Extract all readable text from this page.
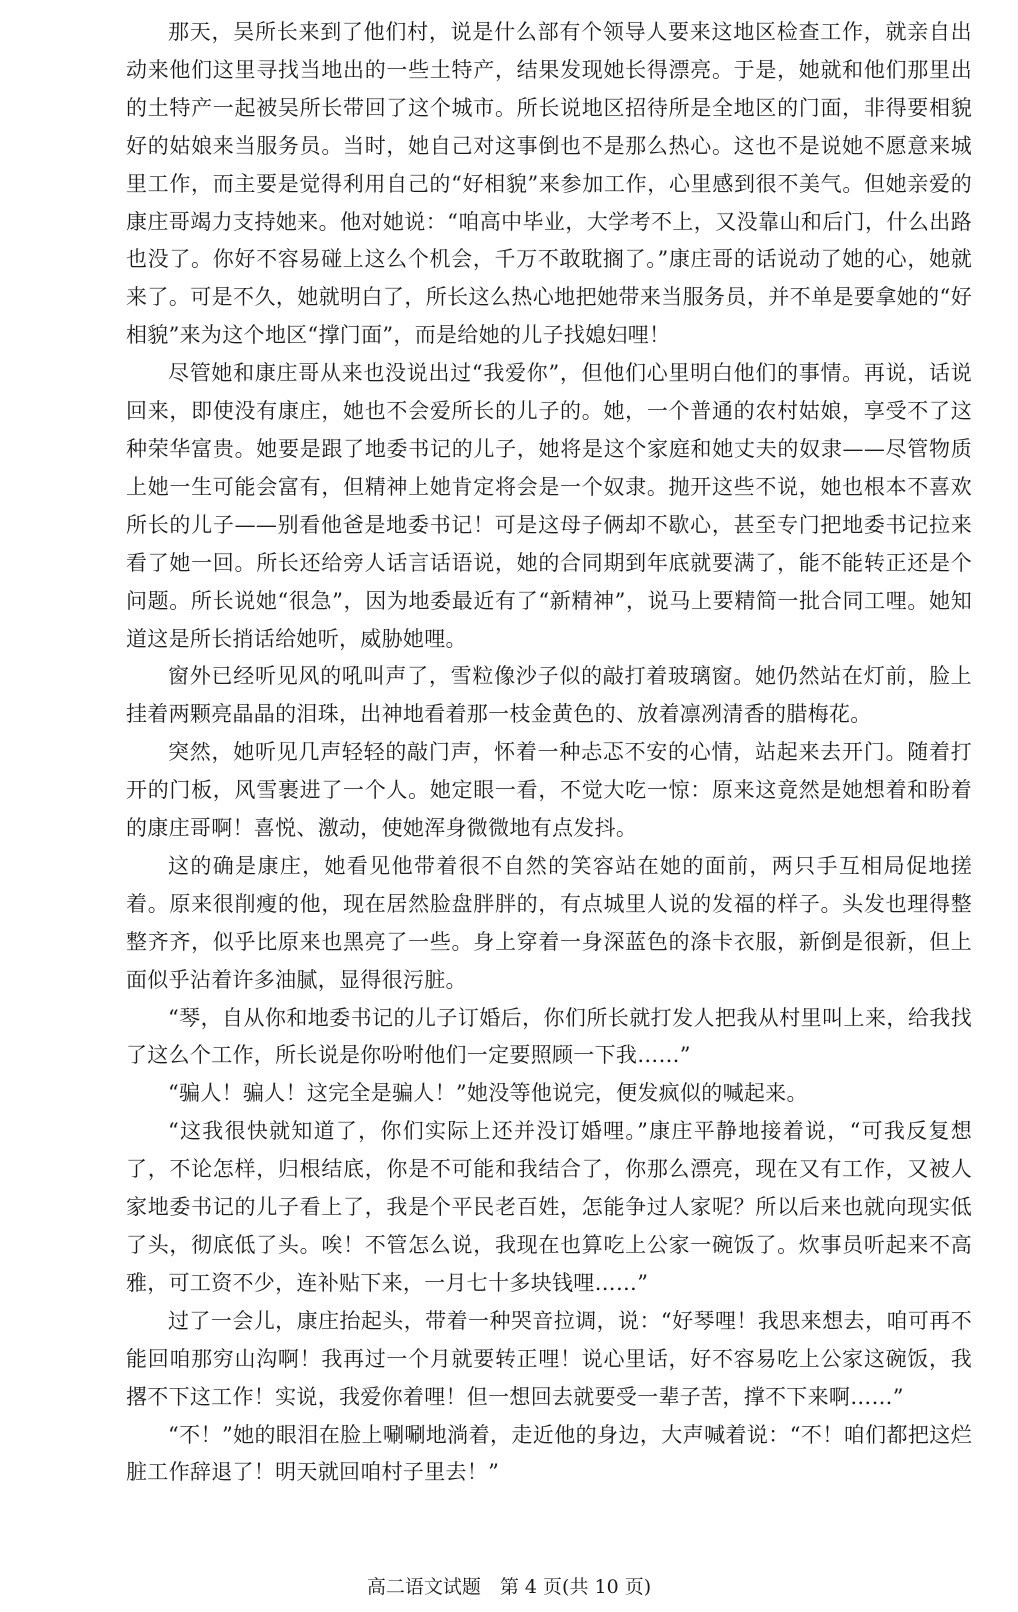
那天，吴所长来到了他们村，说是什么部有个领导人要来这地区检查工作，就亲自出动来他们这里寻找当地出的一些土特产，结果发现她长得漂亮。于是，她就和他们那里出的土特产一起被吴所长带回了这个城市。所长说地区招待所是全地区的门面，非得要相貌好的姑娘来当服务员。当时，她自己对这事倒也不是那么热心。这也不是说她不愿意来城里工作，而主要是觉得利用自己的“好相貌”来参加工作，心里感到很不美气。但她亲爱的康庄哥竭力支持她来。他对她说：“咱高中毕业，大学考不上，又没靠山和后门，什么出路也没了。你好不容易碰上这么个机会，千万不敢耽搁了。”康庄哥的话说动了她的心，她就来了。可是不久，她就明白了，所长这么热心地把她带来当服务员，并不单是要拿她的“好相貌”来为这个地区“撑门面”，而是给她的儿子找媳妇哩！

尽管她和康庄哥从来也没说出过“我爱你”，但他们心里明白他们的事情。再说，话说回来，即使没有康庄，她也不会爱所长的儿子的。她，一个普通的农村姑娘，享受不了这种荣华富贵。她要是跟了地委书记的儿子，她将是这个家庭和她丈夫的奴隶——尽管物质上她一生可能会富有，但精神上她肯定将会是一个奴隶。抛开这些不说，她也根本不喜欢所长的儿子——别看他爸是地委书记！可是这母子俩却不歇心，甚至专门把地委书记拉来看了她一回。所长还给旁人话言话语说，她的合同期到年底就要满了，能不能转正还是个问题。所长说她“很急”，因为地委最近有了“新精神”，说马上要精简一批合同工哩。她知道这是所长捎话给她听，威胁她哩。

窗外已经听见风的吼叫声了，雪粒像沙子似的敲打着玻璃窗。她仍然站在灯前，脸上挂着两颗亮晶晶的泪珠，出神地看着那一枝金黄色的、放着凛冽清香的腊梅花。

突然，她听见几声轻轻的敲门声，怀着一种忐忑不安的心情，站起来去开门。随着打开的门板，风雪裹进了一个人。她定眼一看，不觉大吃一惊：原来这竟然是她想着和盼着的康庄哥啊！喜悦、激动，使她浑身微微地有点发抖。

这的确是康庄，她看见他带着很不自然的笑容站在她的面前，两只手互相局促地搓着。原来很削瘦的他，现在居然脸盘胖胖的，有点城里人说的发福的样子。头发也理得整整齐齐，似乎比原来也黑亮了一些。身上穿着一身深蓝色的涤卡衣服，新倒是很新，但上面似乎沾着许多油腻，显得很污脏。

“琴，自从你和地委书记的儿子订婚后，你们所长就打发人把我从村里叫上来，给我找了这么个工作，所长说是你吩咐他们一定要照顾一下我……”

“骗人！骗人！这完全是骗人！”她没等他说完，便发疯似的喊起来。

“这我很快就知道了，你们实际上还并没订婚哩。”康庄平静地接着说，“可我反复想了，不论怎样，归根结底，你是不可能和我结合了，你那么漂亮，现在又有工作，又被人家地委书记的儿子看上了，我是个平民老百姓，怎能争过人家呢？所以后来也就向现实低了头，彻底低了头。唉！不管怎么说，我现在也算吃上公家一碗饭了。炊事员听起来不高雅，可工资不少，连补贴下来，一月七十多块钱哩……”

过了一会儿，康庄抬起头，带着一种哭音拉调，说：“好琴哩！我思来想去，咱可再不能回咱那穷山沟啊！我再过一个月就要转正哩！说心里话，好不容易吃上公家这碗饭，我撂不下这工作！实说，我爱你着哩！但一想回去就要受一辈子苦，撑不下来啊……”

“不！”她的眼泪在脸上唰唰地淌着，走近他的身边，大声喊着说：“不！咱们都把这烂脏工作辞退了！明天就回咱村子里去！”

高二语文试题　第 4 页(共 10 页)
